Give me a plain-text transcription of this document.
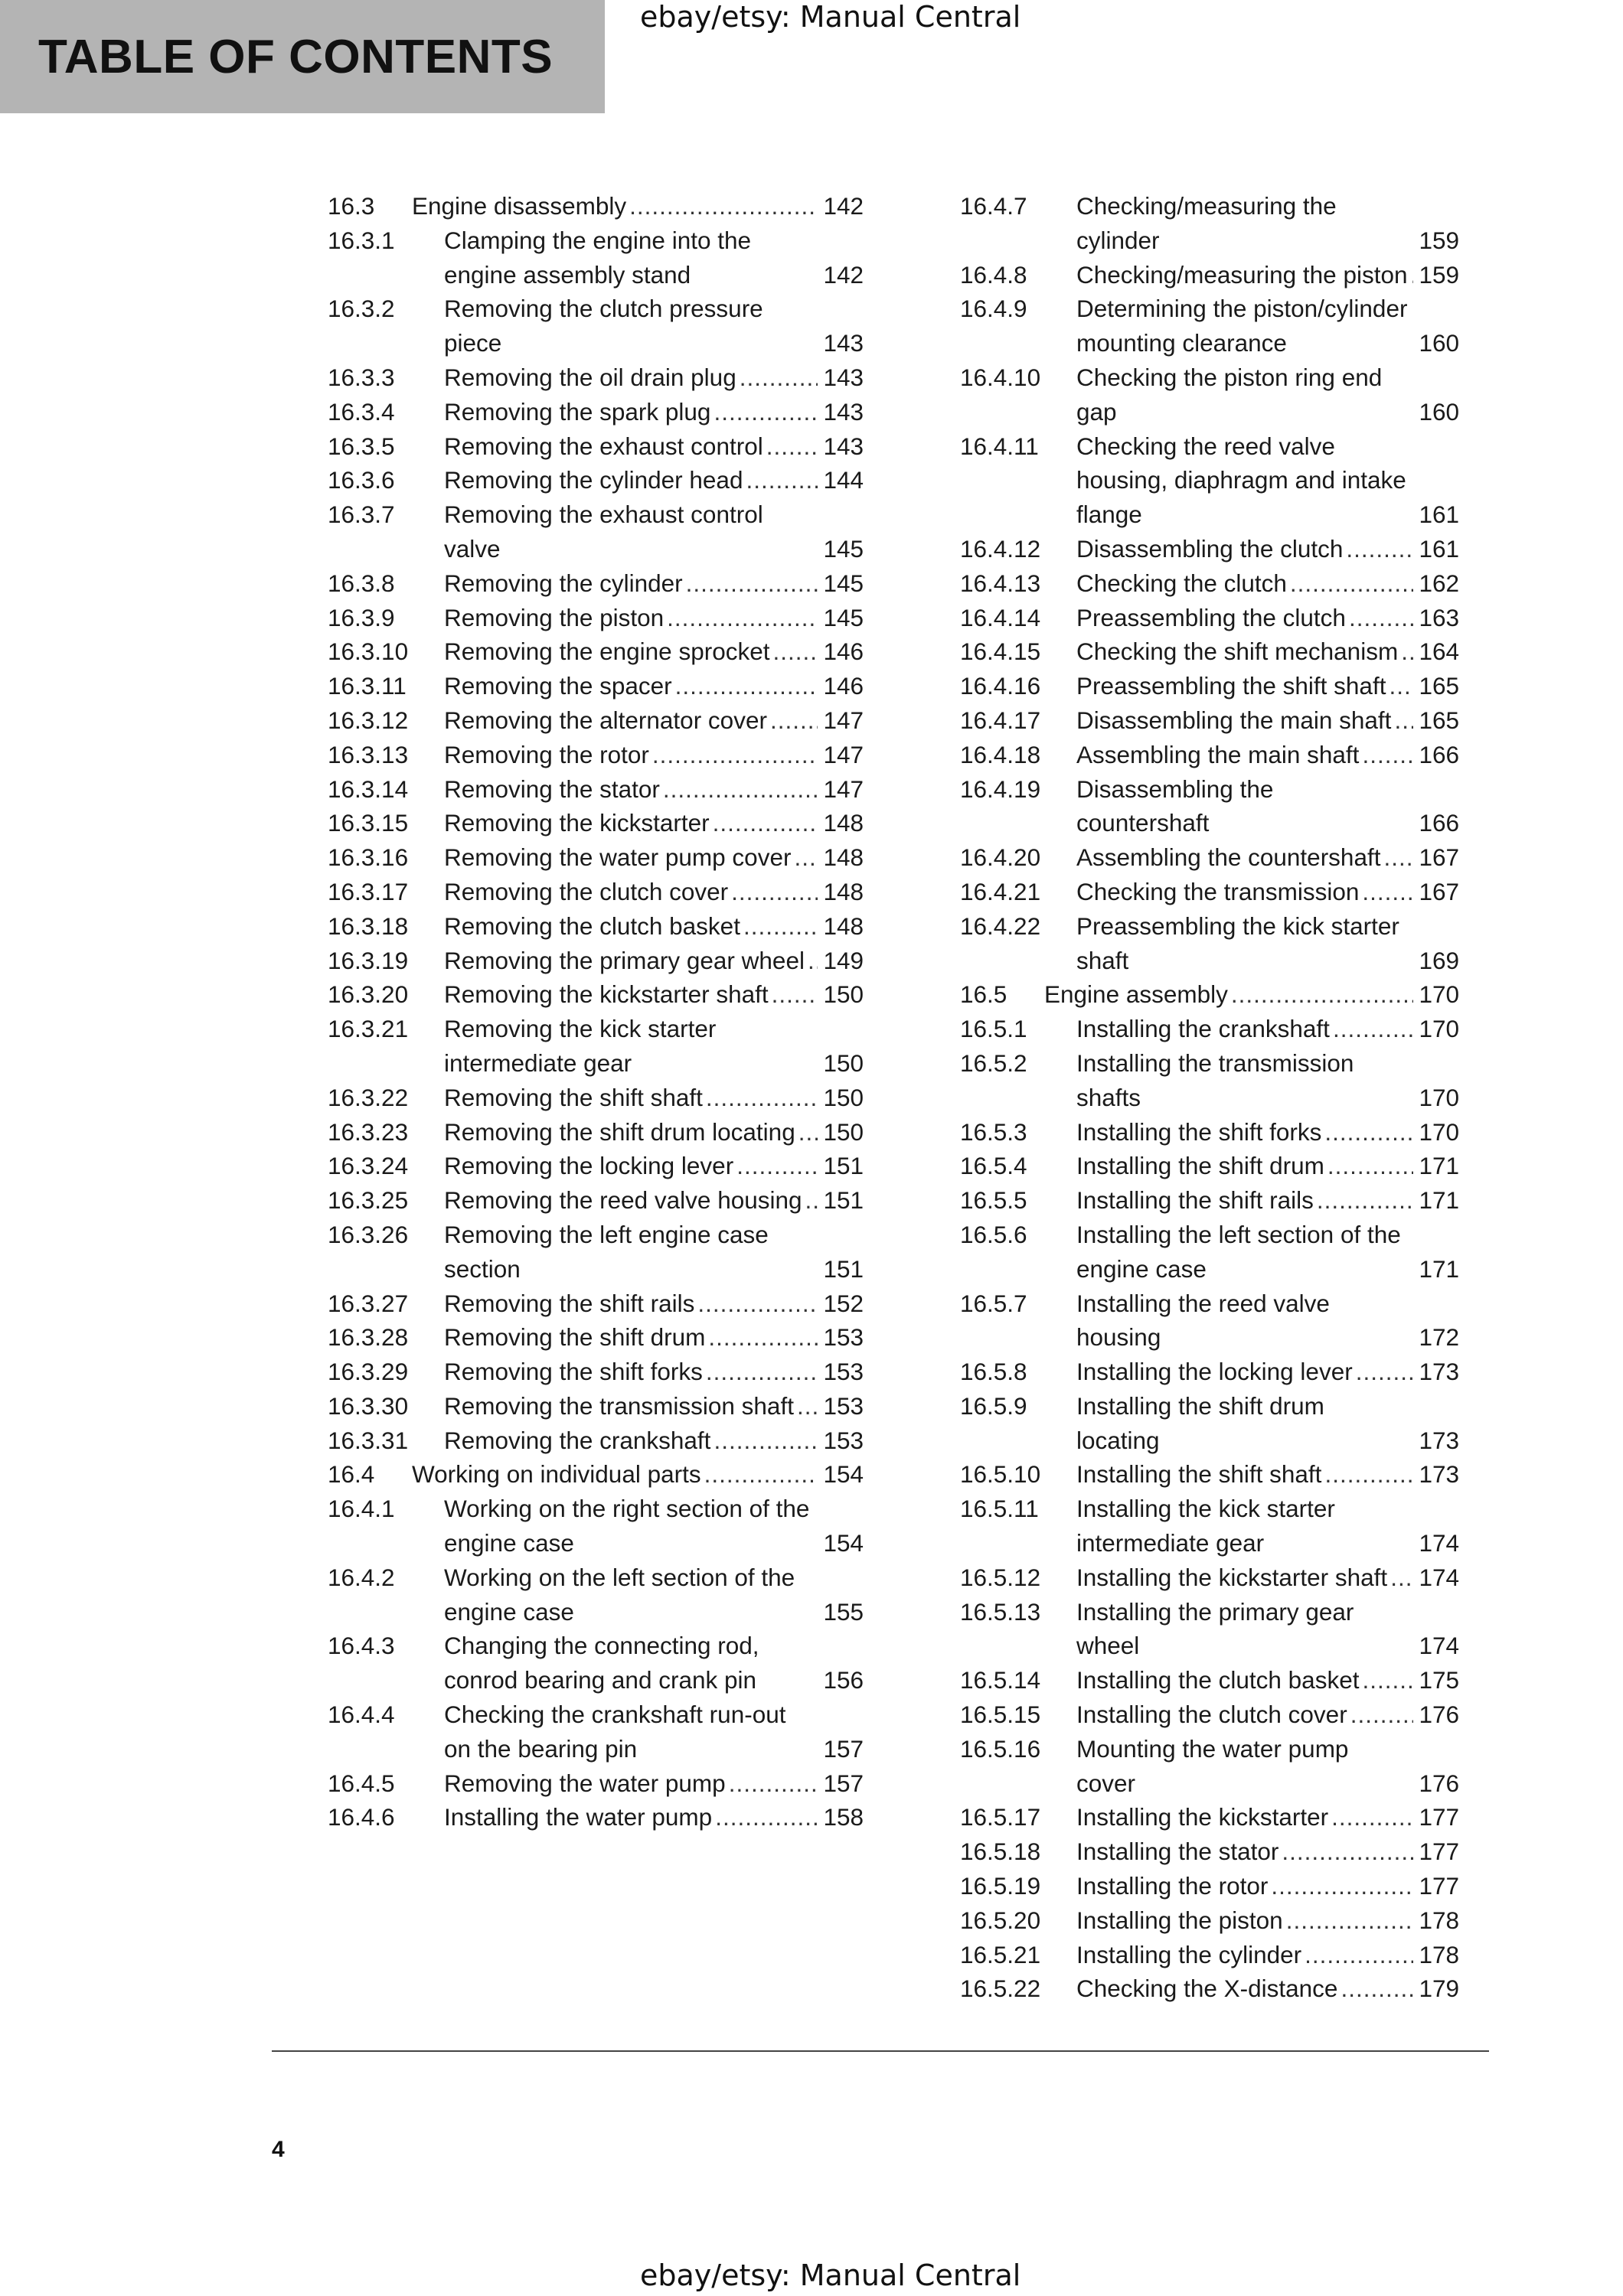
TABLE OF CONTENTS
ebay/etsy: Manual Central
16.3	Engine disassembly .....	142
16.3.1	Clamping the engine into the engine assembly stand	142
16.3.2	Removing the clutch pressure piece	143
16.3.3	Removing the oil drain plug .....	143
16.3.4	Removing the spark plug .....	143
16.3.5	Removing the exhaust control ..... 143
16.3.6	Removing the cylinder head .....	144
16.3.7	Removing the exhaust control valve	145
16.3.8	Removing the cylinder .....	145
16.3.9	Removing the piston .....	145
16.3.10	Removing the engine sprocket ..... 146
16.3.11	Removing the spacer .....	146
16.3.12	Removing the alternator cover ..... 147
16.3.13	Removing the rotor .....	147
16.3.14	Removing the stator .....	147
16.3.15	Removing the kickstarter .....	148
16.3.16	Removing the water pump cover ..... 148
16.3.17	Removing the clutch cover .....	148
16.3.18	Removing the clutch basket .....	148
16.3.19	Removing the primary gear wheel ..... 149
16.3.20	Removing the kickstarter shaft ..... 150
16.3.21	Removing the kick starter intermediate gear	150
16.3.22	Removing the shift shaft .....	150
16.3.23	Removing the shift drum locating ..... 150
16.3.24	Removing the locking lever .....	151
16.3.25	Removing the reed valve housing ..... 151
16.3.26	Removing the left engine case section	151
16.3.27	Removing the shift rails .....	152
16.3.28	Removing the shift drum .....	153
16.3.29	Removing the shift forks .....	153
16.3.30	Removing the transmission shaft ..... 153
16.3.31	Removing the crankshaft .....	153
16.4	Working on individual parts .....	154
16.4.1	Working on the right section of the engine case	154
16.4.2	Working on the left section of the engine case	155
16.4.3	Changing the connecting rod, conrod bearing and crank pin	156
16.4.4	Checking the crankshaft run-out on the bearing pin	157
16.4.5	Removing the water pump .....	157
16.4.6	Installing the water pump .....	158
16.4.7	Checking/measuring the cylinder	159
16.4.8	Checking/measuring the piston ..... 159
16.4.9	Determining the piston/cylinder mounting clearance	160
16.4.10	Checking the piston ring end gap	160
16.4.11	Checking the reed valve housing, diaphragm and intake flange	161
16.4.12	Disassembling the clutch .....	161
16.4.13	Checking the clutch .....	162
16.4.14	Preassembling the clutch .....	163
16.4.15	Checking the shift mechanism ..... 164
16.4.16	Preassembling the shift shaft ..... 165
16.4.17	Disassembling the main shaft ..... 165
16.4.18	Assembling the main shaft ..... 166
16.4.19	Disassembling the countershaft	166
16.4.20	Assembling the countershaft ..... 167
16.4.21	Checking the transmission ..... 167
16.4.22	Preassembling the kick starter shaft	169
16.5	Engine assembly .....	170
16.5.1	Installing the crankshaft .....	170
16.5.2	Installing the transmission shafts	170
16.5.3	Installing the shift forks .....	170
16.5.4	Installing the shift drum .....	171
16.5.5	Installing the shift rails .....	171
16.5.6	Installing the left section of the engine case	171
16.5.7	Installing the reed valve housing	172
16.5.8	Installing the locking lever .....	173
16.5.9	Installing the shift drum locating	173
16.5.10	Installing the shift shaft .....	173
16.5.11	Installing the kick starter intermediate gear	174
16.5.12	Installing the kickstarter shaft ..... 174
16.5.13	Installing the primary gear wheel	174
16.5.14	Installing the clutch basket ..... 175
16.5.15	Installing the clutch cover .....	176
16.5.16	Mounting the water pump cover	176
16.5.17	Installing the kickstarter .....	177
16.5.18	Installing the stator .....	177
16.5.19	Installing the rotor .....	177
16.5.20	Installing the piston .....	178
16.5.21	Installing the cylinder .....	178
16.5.22	Checking the X-distance .....	179
4
ebay/etsy: Manual Central
